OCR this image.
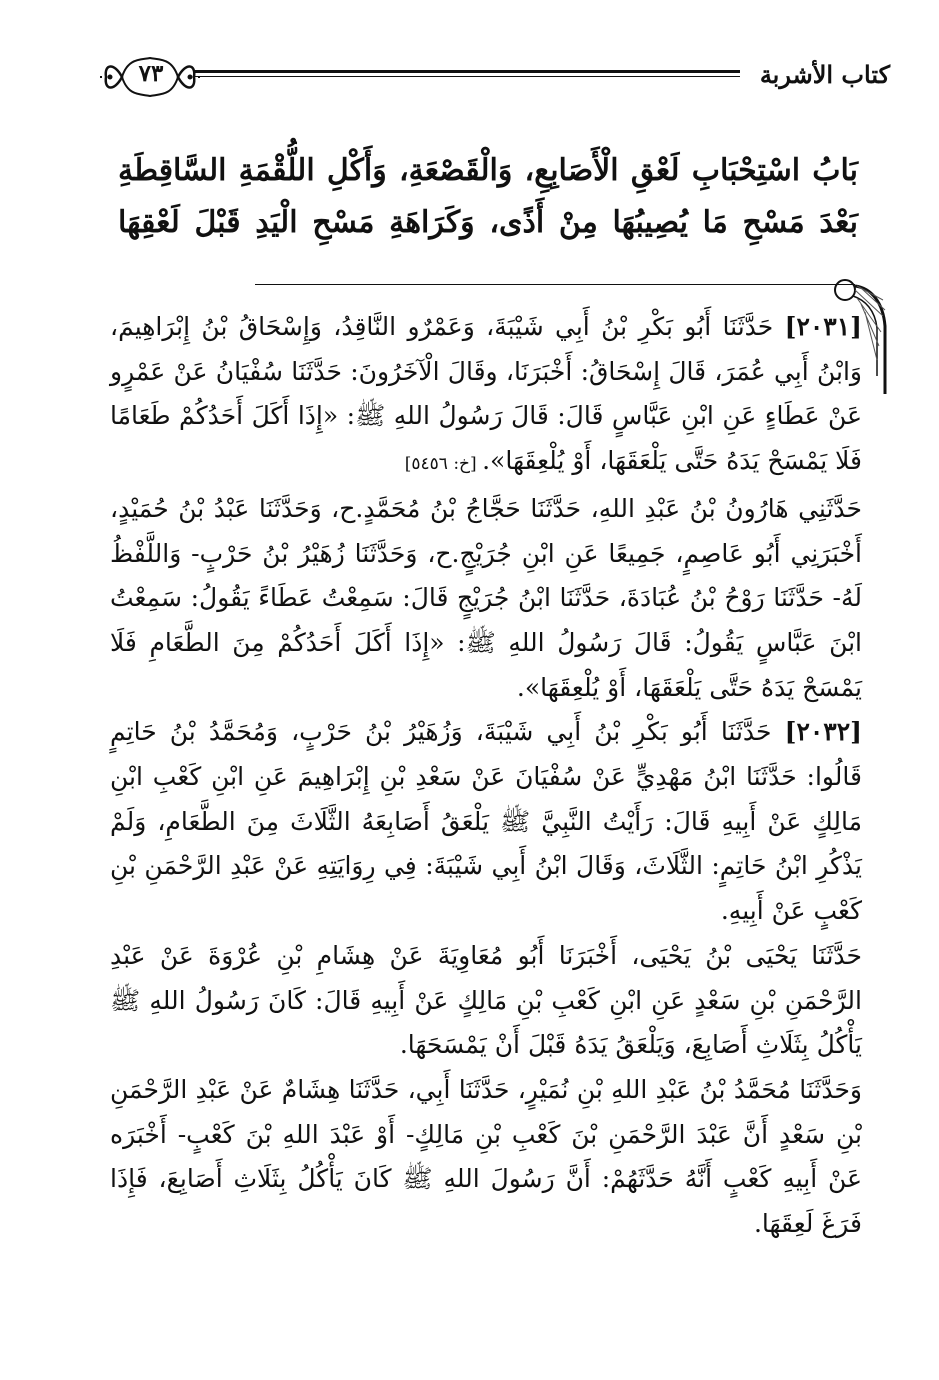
كتاب الأشربة
٧٣
بَابُ اسْتِحْبَابِ لَعْقِ الْأَصَابِعِ، وَالْقَصْعَةِ، وَأَكْلِ اللُّقْمَةِ السَّاقِطَةِ بَعْدَ مَسْحِ مَا يُصِيبُهَا مِنْ أَذًى، وَكَرَاهَةِ مَسْحِ الْيَدِ قَبْلَ لَعْقِهَا

[٢٠٣١] حَدَّثَنَا أَبُو بَكْرِ بْنُ أَبِي شَيْبَةَ، وَعَمْرٌو النَّاقِدُ، وَإِسْحَاقُ بْنُ إِبْرَاهِيمَ، وَابْنُ أَبِي عُمَرَ، قَالَ إِسْحَاقُ: أَخْبَرَنَا، وقَالَ الْآخَرُونَ: حَدَّثَنَا سُفْيَانُ عَنْ عَمْرٍو عَنْ عَطَاءٍ عَنِ ابْنِ عَبَّاسٍ قَالَ: قَالَ رَسُولُ اللهِ ﷺ: «إِذَا أَكَلَ أَحَدُكُمْ طَعَامًا فَلَا يَمْسَحْ يَدَهُ حَتَّى يَلْعَقَهَا، أَوْ يُلْعِقَهَا». [خ: ٥٤٥٦]

حَدَّثَنِي هَارُونُ بْنُ عَبْدِ اللهِ، حَدَّثَنَا حَجَّاجُ بْنُ مُحَمَّدٍ.ح، وَحَدَّثَنَا عَبْدُ بْنُ حُمَيْدٍ، أَخْبَرَنِي أَبُو عَاصِمٍ، جَمِيعًا عَنِ ابْنِ جُرَيْجٍ.ح، وَحَدَّثَنَا زُهَيْرُ بْنُ حَرْبٍ- وَاللَّفْظُ لَهُ- حَدَّثَنَا رَوْحُ بْنُ عُبَادَةَ، حَدَّثَنَا ابْنُ جُرَيْجٍ قَالَ: سَمِعْتُ عَطَاءً يَقُولُ: سَمِعْتُ ابْنَ عَبَّاسٍ يَقُولُ: قَالَ رَسُولُ اللهِ ﷺ: «إِذَا أَكَلَ أَحَدُكُمْ مِنَ الطَّعَامِ فَلَا يَمْسَحْ يَدَهُ حَتَّى يَلْعَقَهَا، أَوْ يُلْعِقَهَا».

[٢٠٣٢] حَدَّثَنَا أَبُو بَكْرِ بْنُ أَبِي شَيْبَةَ، وَزُهَيْرُ بْنُ حَرْبٍ، وَمُحَمَّدُ بْنُ حَاتِمٍ قَالُوا: حَدَّثَنَا ابْنُ مَهْدِيٍّ عَنْ سُفْيَانَ عَنْ سَعْدِ بْنِ إِبْرَاهِيمَ عَنِ ابْنِ كَعْبِ ابْنِ مَالِكٍ عَنْ أَبِيهِ قَالَ: رَأَيْتُ النَّبِيَّ ﷺ يَلْعَقُ أَصَابِعَهُ الثَّلَاثَ مِنَ الطَّعَامِ، وَلَمْ يَذْكُرِ ابْنُ حَاتِمٍ: الثَّلَاثَ، وَقَالَ ابْنُ أَبِي شَيْبَةَ: فِي رِوَايَتِهِ عَنْ عَبْدِ الرَّحْمَنِ بْنِ كَعْبٍ عَنْ أَبِيهِ.

حَدَّثَنَا يَحْيَى بْنُ يَحْيَى، أَخْبَرَنَا أَبُو مُعَاوِيَةَ عَنْ هِشَامِ بْنِ عُرْوَةَ عَنْ عَبْدِ الرَّحْمَنِ بْنِ سَعْدٍ عَنِ ابْنِ كَعْبِ بْنِ مَالِكٍ عَنْ أَبِيهِ قَالَ: كَانَ رَسُولُ اللهِ ﷺ يَأْكُلُ بِثَلَاثِ أَصَابِعَ، وَيَلْعَقُ يَدَهُ قَبْلَ أَنْ يَمْسَحَهَا.

وَحَدَّثَنَا مُحَمَّدُ بْنُ عَبْدِ اللهِ بْنِ نُمَيْرٍ، حَدَّثَنَا أَبِي، حَدَّثَنَا هِشَامٌ عَنْ عَبْدِ الرَّحْمَنِ بْنِ سَعْدٍ أَنَّ عَبْدَ الرَّحْمَنِ بْنَ كَعْبِ بْنِ مَالِكٍ- أَوْ عَبْدَ اللهِ بْنَ كَعْبٍ- أَخْبَرَه عَنْ أَبِيهِ كَعْبٍ أَنَّهُ حَدَّثَهُمْ: أَنَّ رَسُولَ اللهِ ﷺ كَانَ يَأْكُلُ بِثَلَاثِ أَصَابِعَ، فَإِذَا فَرَغَ لَعِقَهَا.
